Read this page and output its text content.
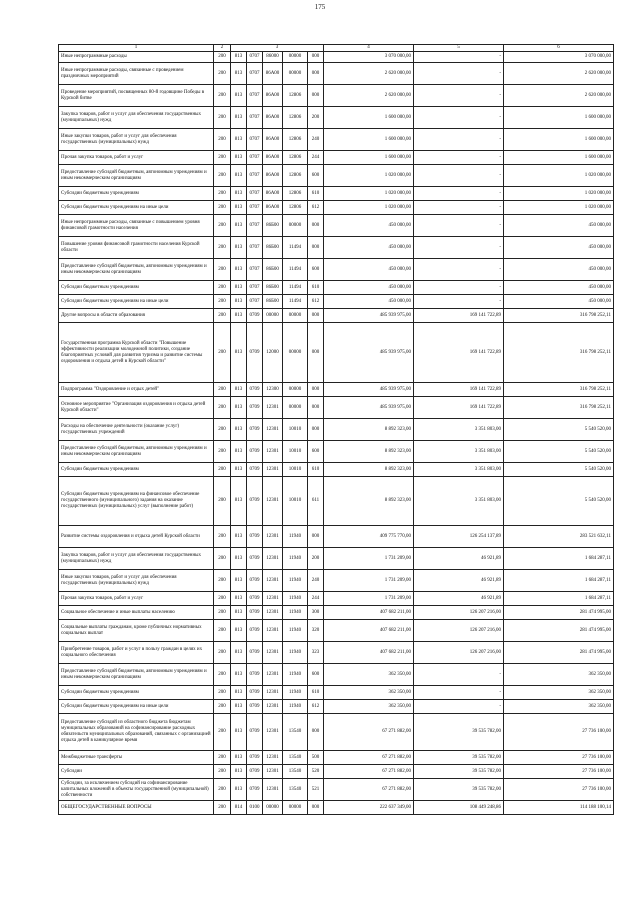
175
1	2	3					4	5	6
Иные непрограммные расходы	200	813	0707	86000	00000	000	3 070 000,00	-	3 070 000,00
Иные непрограммные расходы, связанные с проведением праздничных мероприятий	200	813	0707	86А00	00000	000	2 620 000,00	-	2 620 000,00
Проведение мероприятий, посвященных 80-й годовщине Победы в Курской битве	200	813	0707	86А00	12806	000	2 620 000,00	-	2 620 000,00
Закупка товаров, работ и услуг для обеспечения государственных (муниципальных) нужд	200	813	0707	86А00	12806	200	1 600 000,00	-	1 600 000,00
Иные закупки товаров, работ и услуг для обеспечения государственных (муниципальных) нужд	200	813	0707	86А00	12806	240	1 600 000,00	-	1 600 000,00
Прочая закупка товаров, работ и услуг	200	813	0707	86А00	12806	244	1 600 000,00	-	1 600 000,00
Предоставление субсидий бюджетным, автономным учреждениям и иным некоммерческим организациям	200	813	0707	86А00	12806	600	1 020 000,00	-	1 020 000,00
Субсидии бюджетным учреждениям	200	813	0707	86А00	12806	610	1 020 000,00	-	1 020 000,00
Субсидии бюджетным учреждениям на иные цели	200	813	0707	86А00	12806	612	1 020 000,00	-	1 020 000,00
Иные непрограммные расходы, связанные с повышением уровня финансовой грамотности населения	200	813	0707	86Б00	00000	000	450 000,00	-	450 000,00
Повышение уровня финансовой грамотности населения Курской области	200	813	0707	86Б00	11494	000	450 000,00	-	450 000,00
Предоставление субсидий бюджетным, автономным учреждениям и иным некоммерческим организациям	200	813	0707	86Б00	11494	600	450 000,00	-	450 000,00
Субсидии бюджетным учреждениям	200	813	0707	86Б00	11494	610	450 000,00	-	450 000,00
Субсидии бюджетным учреждениям на иные цели	200	813	0707	86Б00	11494	612	450 000,00	-	450 000,00
Другие вопросы в области образования	200	813	0709	00000	00000	000	485 939 975,00	169 141 722,89	316 798 252,11
Государственная программа Курской области "Повышение эффективности реализации молодежной политики, создание благоприятных условий для развития туризма и развитие системы оздоровления и отдыха детей в Курской области"	200	813	0709	12000	00000	000	485 939 975,00	169 141 722,89	316 798 252,11
Подпрограмма "Оздоровление и отдых детей"	200	813	0709	12300	00000	000	485 939 975,00	169 141 722,89	316 798 252,11
Основное мероприятие "Организация оздоровления и отдыха детей Курской области"	200	813	0709	12301	00000	000	485 939 975,00	169 141 722,89	316 798 252,11
Расходы на обеспечение деятельности (оказание услуг) государственных учреждений	200	813	0709	12301	10010	000	8 892 323,00	3 351 803,00	5 540 520,00
Предоставление субсидий бюджетным, автономным учреждениям и иным некоммерческим организациям	200	813	0709	12301	10010	600	8 892 323,00	3 351 803,00	5 540 520,00
Субсидии бюджетным учреждениям	200	813	0709	12301	10010	610	8 892 323,00	3 351 803,00	5 540 520,00
Субсидии бюджетным учреждениям на финансовое обеспечение государственного (муниципального) задания на оказание государственных (муниципальных) услуг (выполнение работ)	200	813	0709	12301	10010	611	8 892 323,00	3 351 803,00	5 540 520,00
Развитие системы оздоровления и отдыха детей Курской области	200	813	0709	12301	11940	000	409 775 770,00	126 254 137,89	283 521 632,11
Закупка товаров, работ и услуг для обеспечения государственных (муниципальных) нужд	200	813	0709	12301	11940	200	1 731 209,00	46 921,89	1 684 287,11
Иные закупки товаров, работ и услуг для обеспечения государственных (муниципальных) нужд	200	813	0709	12301	11940	240	1 731 209,00	46 921,89	1 684 287,11
Прочая закупка товаров, работ и услуг	200	813	0709	12301	11940	244	1 731 209,00	46 921,89	1 684 287,11
Социальное обеспечение и иные выплаты населению	200	813	0709	12301	11940	300	407 682 211,00	126 207 216,00	281 474 995,00
Социальные выплаты гражданам, кроме публичных нормативных социальных выплат	200	813	0709	12301	11940	320	407 682 211,00	126 207 216,00	281 474 995,00
Приобретение товаров, работ и услуг в пользу граждан в целях их социального обеспечения	200	813	0709	12301	11940	323	407 682 211,00	126 207 216,00	281 474 995,00
Предоставление субсидий бюджетным, автономным учреждениям и иным некоммерческим организациям	200	813	0709	12301	11940	600	362 350,00	-	362 350,00
Субсидии бюджетным учреждениям	200	813	0709	12301	11940	610	362 350,00	-	362 350,00
Субсидии бюджетным учреждениям на иные цели	200	813	0709	12301	11940	612	362 350,00	-	362 350,00
Предоставление субсидий из областного бюджета бюджетам муниципальных образований на софинансирование расходных обязательств муниципальных образований, связанных с организацией отдыха детей в каникулярное время	200	813	0709	12301	13540	000	67 271 882,00	39 535 782,00	27 736 100,00
Межбюджетные трансферты	200	813	0709	12301	13540	500	67 271 882,00	39 535 782,00	27 736 100,00
Субсидии	200	813	0709	12301	13540	520	67 271 882,00	39 535 782,00	27 736 100,00
Субсидии, за исключением субсидий на софинансирование капитальных вложений в объекты государственной (муниципальной) собственности	200	813	0709	12301	13540	521	67 271 882,00	39 535 782,00	27 736 100,00
ОБЩЕГОСУДАРСТВЕННЫЕ ВОПРОСЫ	200	814	0100	00000	00000	000	222 637 349,00	108 449 248,86	114 188 100,14
